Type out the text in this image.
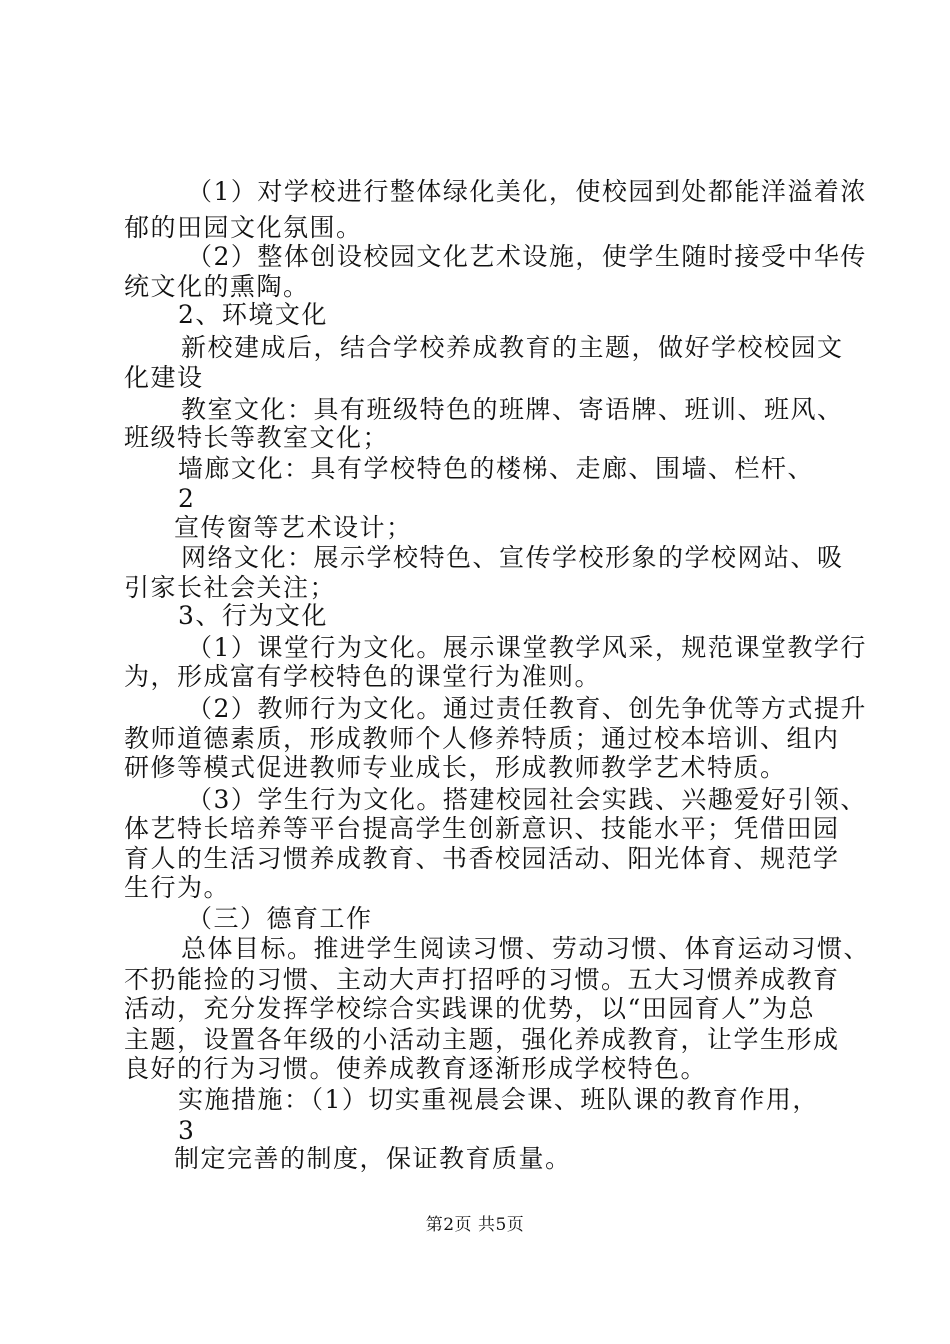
（1）对学校进行整体绿化美化，使校园到处都能洋溢着浓
郁的田园文化氛围。
（2）整体创设校园文化艺术设施，使学生随时接受中华传
统文化的熏陶。
2、环境文化
新校建成后，结合学校养成教育的主题，做好学校校园文
化建设
教室文化：具有班级特色的班牌、寄语牌、班训、班风、
班级特长等教室文化；
墙廊文化：具有学校特色的楼梯、走廊、围墙、栏杆、
2
宣传窗等艺术设计；
网络文化：展示学校特色、宣传学校形象的学校网站、吸
引家长社会关注；
3、行为文化
（1）课堂行为文化。展示课堂教学风采，规范课堂教学行
为，形成富有学校特色的课堂行为准则。
（2）教师行为文化。通过责任教育、创先争优等方式提升
教师道德素质，形成教师个人修养特质；通过校本培训、组内
研修等模式促进教师专业成长，形成教师教学艺术特质。
（3）学生行为文化。搭建校园社会实践、兴趣爱好引领、
体艺特长培养等平台提高学生创新意识、技能水平；凭借田园
育人的生活习惯养成教育、书香校园活动、阳光体育、规范学
生行为。
（三）德育工作
总体目标。推进学生阅读习惯、劳动习惯、体育运动习惯、
不扔能捡的习惯、主动大声打招呼的习惯。五大习惯养成教育
活动，充分发挥学校综合实践课的优势，以“田园育人”为总
主题，设置各年级的小活动主题，强化养成教育，让学生形成
良好的行为习惯。使养成教育逐渐形成学校特色。
实施措施：（1）切实重视晨会课、班队课的教育作用，
3
制定完善的制度，保证教育质量。
第2页 共5页
